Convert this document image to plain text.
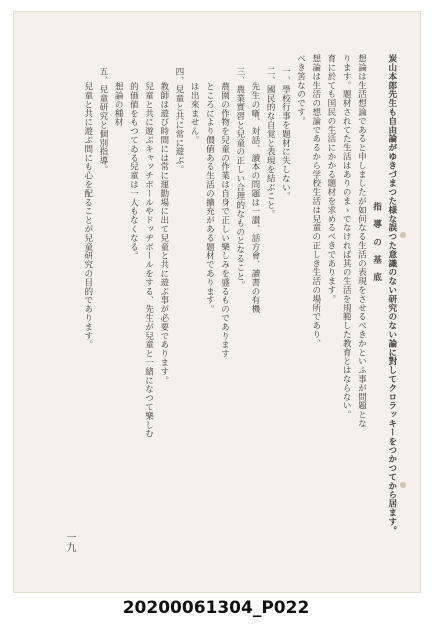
炭山本郎先生も自由論がゆきづまつた様な誤つた意識のない研究のない論に對してクロラッキーをつかつてから居ます。
指 導 の 基 底
想論は生活想論であると申しましたが如何なる生活の表現をさせるべきかといふ事が問題とな
ります。題材されてた生活はありのまゝでなければ其の生活を規範した教育とはならない。
育に於ても国民の生活にかかる題材を求めるべきであります。
想論は生活の想論であるから学校生活は兒童の正しき生活の場所であり、
べき筈なのです。
一、學校行事を題材に失しない。
二、國民的な自覚と表現を結ぶこと。
先生の噺、対話、讀本の問題は一讃、話方會、讀書の有機
三、農業實習と兒童の正しい合理的なものとなること。
農園の作物を兒童の作業は自身で正しい樂しみを盛るものであります
ところにより價値ある生活の擴充がある題材であります。
は出來ません。
四、兒童と共に常に遊ぶ。
教師は遊び時間には常に運動場に出て兒童と共に遊ぶ事が必要であります。
兒童と共に遊ぶキャッチボールやドッヂボールをする、先生が兒童と一緒になつて樂しむ
的価値をもつてゐる兒童は一人もなくなる。
想論の種材
五、兒童研究と個別指導。
兒童と共に遊ぶ間にも心を配ることが兒童研究の目的であります。
一九
20200061304_P022
